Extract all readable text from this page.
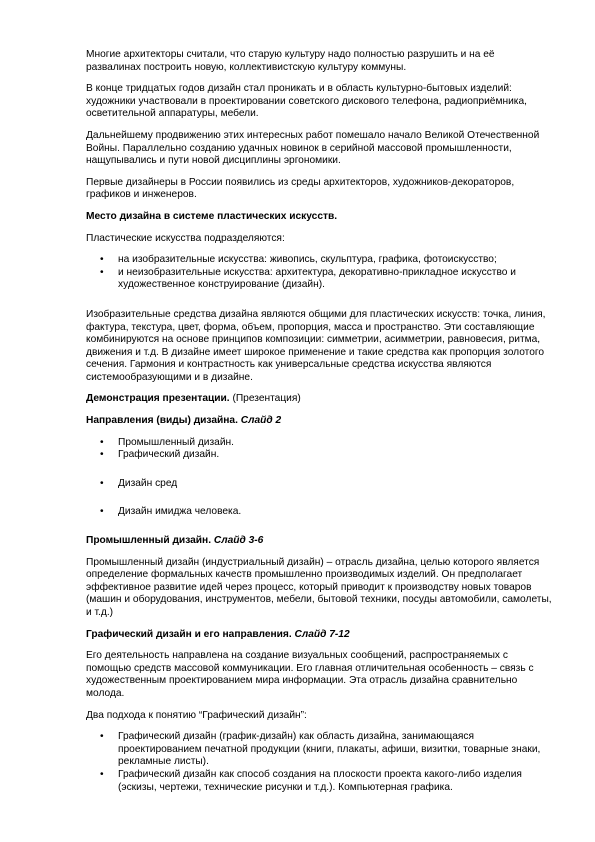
Многие архитекторы считали, что старую культуру надо полностью разрушить и на её развалинах построить новую, коллективистскую культуру коммуны.

В конце тридцатых годов дизайн стал проникать и в область культурно-бытовых изделий: художники участвовали в проектировании советского дискового телефона, радиоприёмника, осветительной аппаратуры, мебели.

Дальнейшему продвижению этих интересных работ помешало начало Великой Отечественной Войны. Параллельно созданию удачных новинок в серийной массовой промышленности, нащупывались и пути новой дисциплины эргономики.

Первые дизайнеры в России появились из среды архитекторов, художников-декораторов, графиков и инженеров.

Место дизайна в системе пластических искусств.

Пластические искусства подразделяются:

• на изобразительные искусства: живопись, скульптура, графика, фотоискусство;
• и неизобразительные искусства: архитектура, декоративно-прикладное искусство и художественное конструирование (дизайн).

Изобразительные средства дизайна являются общими для пластических искусств: точка, линия, фактура, текстура, цвет, форма, объем, пропорция, масса и пространство. Эти составляющие комбинируются на основе принципов композиции: симметрии, асимметрии, равновесия, ритма, движения и т.д. В дизайне имеет широкое применение и такие средства как пропорция золотого сечения. Гармония и контрастность как универсальные средства искусства являются системообразующими и в дизайне.

Демонстрация презентации. (Презентация)

Направления (виды) дизайна. Слайд 2

• Промышленный дизайн.
• Графический дизайн.
• Дизайн сред
• Дизайн имиджа человека.

Промышленный дизайн. Слайд 3-6

Промышленный дизайн (индустриальный дизайн) – отрасль дизайна, целью которого является определение формальных качеств промышленно производимых изделий. Он предполагает эффективное развитие идей через процесс, который приводит к производству новых товаров (машин и оборудования, инструментов, мебели, бытовой техники, посуды автомобили, самолеты, и т.д.)

Графический дизайн и его направления. Слайд 7-12

Его деятельность направлена на создание визуальных сообщений, распространяемых с помощью средств массовой коммуникации. Его главная отличительная особенность – связь с художественным проектированием мира информации. Эта отрасль дизайна сравнительно молода.

Два подхода к понятию “Графический дизайн”:

• Графический дизайн (график-дизайн) как область дизайна, занимающаяся проектированием печатной продукции (книги, плакаты, афиши, визитки, товарные знаки, рекламные листы).
• Графический дизайн как способ создания на плоскости проекта какого-либо изделия (эскизы, чертежи, технические рисунки и т.д.). Компьютерная графика.
